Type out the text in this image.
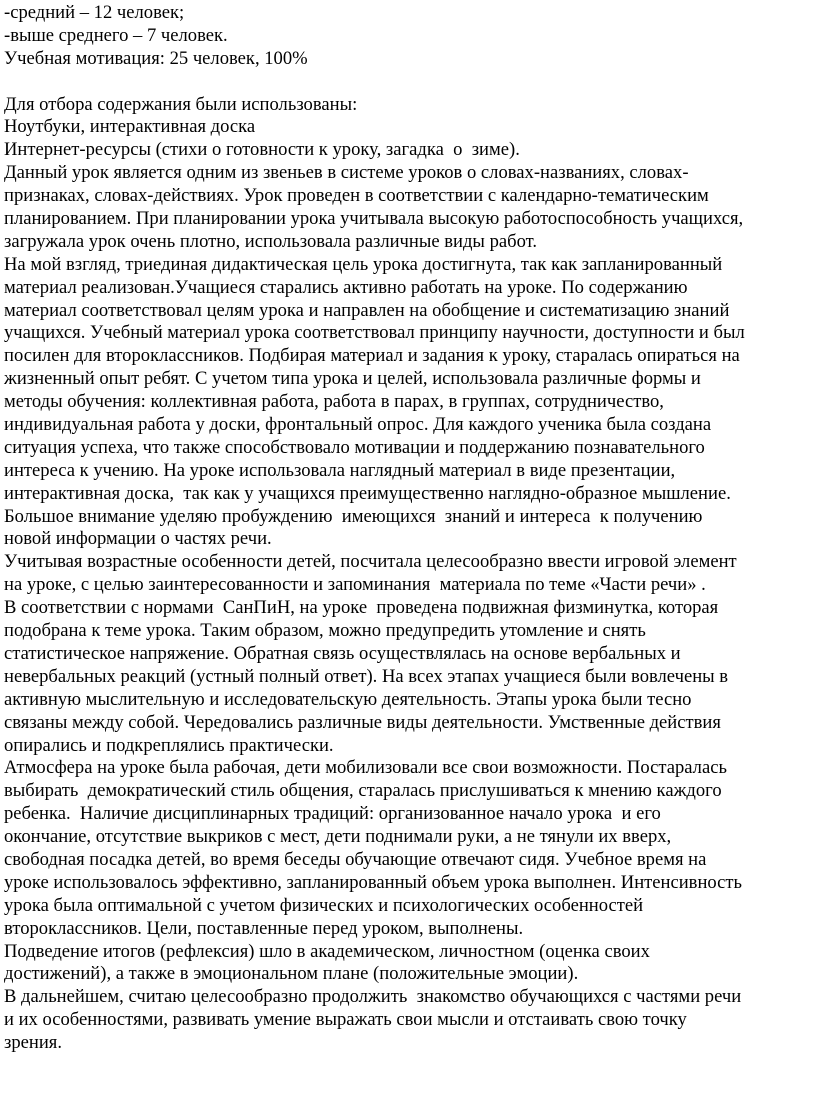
-средний – 12 человек;
-выше среднего – 7 человек.
Учебная мотивация: 25 человек, 100%
Для отбора содержания были использованы:
Ноутбуки, интерактивная доска
Интернет-ресурсы (стихи о готовности к уроку, загадка  о  зиме).
Данный урок является одним из звеньев в системе уроков о словах-названиях, словах-
признаках, словах-действиях. Урок проведен в соответствии с календарно-тематическим
планированием. При планировании урока учитывала высокую работоспособность учащихся,
загружала урок очень плотно, использовала различные виды работ.
На мой взгляд, триединая дидактическая цель урока достигнута, так как запланированный
материал реализован.Учащиеся старались активно работать на уроке. По содержанию
материал соответствовал целям урока и направлен на обобщение и систематизацию знаний
учащихся. Учебный материал урока соответствовал принципу научности, доступности и был
посилен для второклассников. Подбирая материал и задания к уроку, старалась опираться на
жизненный опыт ребят. С учетом типа урока и целей, использовала различные формы и
методы обучения: коллективная работа, работа в парах, в группах, сотрудничество,
индивидуальная работа у доски, фронтальный опрос. Для каждого ученика была создана
ситуация успеха, что также способствовало мотивации и поддержанию познавательного
интереса к учению. На уроке использовала наглядный материал в виде презентации,
интерактивная доска,  так как у учащихся преимущественно наглядно-образное мышление.
Большое внимание уделяю пробуждению  имеющихся  знаний и интереса  к получению
новой информации о частях речи.
Учитывая возрастные особенности детей, посчитала целесообразно ввести игровой элемент
на уроке, с целью заинтересованности и запоминания  материала по теме «Части речи» .
В соответствии с нормами  СанПиН, на уроке  проведена подвижная физминутка, которая
подобрана к теме урока. Таким образом, можно предупредить утомление и снять
статистическое напряжение. Обратная связь осуществлялась на основе вербальных и
невербальных реакций (устный полный ответ). На всех этапах учащиеся были вовлечены в
активную мыслительную и исследовательскую деятельность. Этапы урока были тесно
связаны между собой. Чередовались различные виды деятельности. Умственные действия
опирались и подкреплялись практически.
Атмосфера на уроке была рабочая, дети мобилизовали все свои возможности. Постаралась
выбирать  демократический стиль общения, старалась прислушиваться к мнению каждого
ребенка.  Наличие дисциплинарных традиций: организованное начало урока  и его
окончание, отсутствие выкриков с мест, дети поднимали руки, а не тянули их вверх,
свободная посадка детей, во время беседы обучающие отвечают сидя. Учебное время на
уроке использовалось эффективно, запланированный объем урока выполнен. Интенсивность
урока была оптимальной с учетом физических и психологических особенностей
второклассников. Цели, поставленные перед уроком, выполнены.
Подведение итогов (рефлексия) шло в академическом, личностном (оценка своих
достижений), а также в эмоциональном плане (положительные эмоции).
В дальнейшем, считаю целесообразно продолжить  знакомство обучающихся с частями речи
и их особенностями, развивать умение выражать свои мысли и отстаивать свою точку
зрения.
